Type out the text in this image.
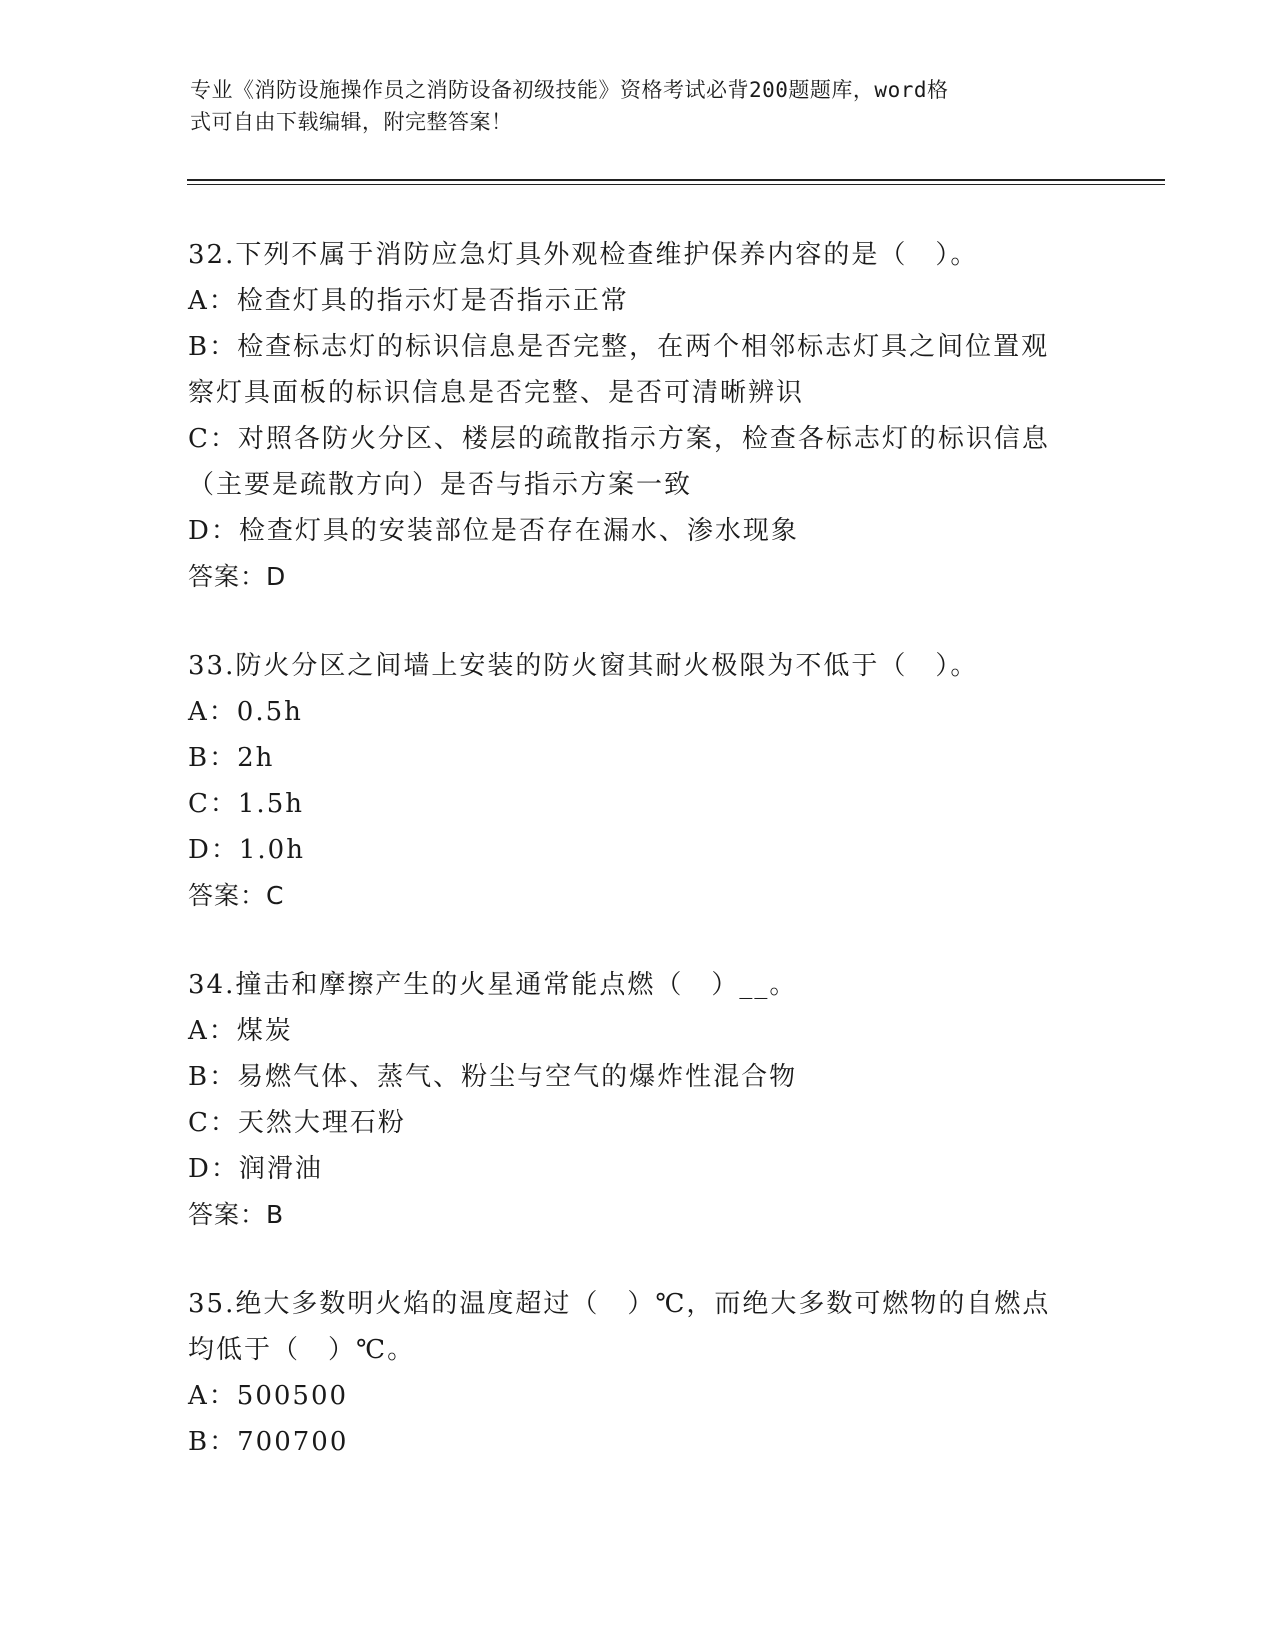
专业《消防设施操作员之消防设备初级技能》资格考试必背200题题库，word格
式可自由下载编辑，附完整答案！
32.下列不属于消防应急灯具外观检查维护保养内容的是（　）。
A：检查灯具的指示灯是否指示正常
B：检查标志灯的标识信息是否完整，在两个相邻标志灯具之间位置观
察灯具面板的标识信息是否完整、是否可清晰辨识
C：对照各防火分区、楼层的疏散指示方案，检查各标志灯的标识信息
（主要是疏散方向）是否与指示方案一致
D：检查灯具的安装部位是否存在漏水、渗水现象
答案：D
33.防火分区之间墙上安装的防火窗其耐火极限为不低于（　）。
A：0.5h
B：2h
C：1.5h
D：1.0h
答案：C
34.撞击和摩擦产生的火星通常能点燃（　）__。
A：煤炭
B：易燃气体、蒸气、粉尘与空气的爆炸性混合物
C：天然大理石粉
D：润滑油
答案：B
35.绝大多数明火焰的温度超过（　）℃，而绝大多数可燃物的自燃点
均低于（　）℃。
A：500500
B：700700
